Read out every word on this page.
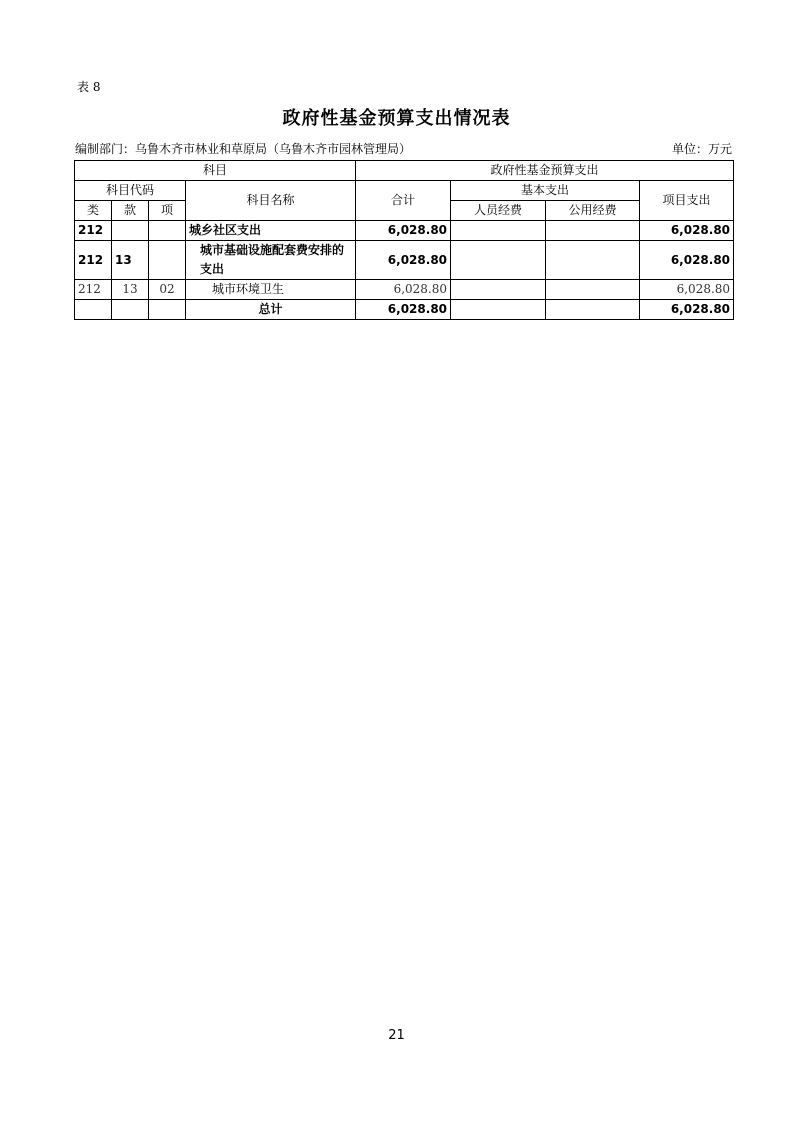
表 8
政府性基金预算支出情况表
编制部门：乌鲁木齐市林业和草原局（乌鲁木齐市园林管理局）	单位：万元
科目				政府性基金预算支出			
科目代码			科目名称	合计	基本支出		项目支出
类	款	项			人员经费	公用经费	
212			城乡社区支出	6,028.80			6,028.80
212	13		城市基础设施配套费安排的支出	6,028.80			6,028.80
212	13	02	城市环境卫生	6,028.80			6,028.80
			总计	6,028.80			6,028.80
21
